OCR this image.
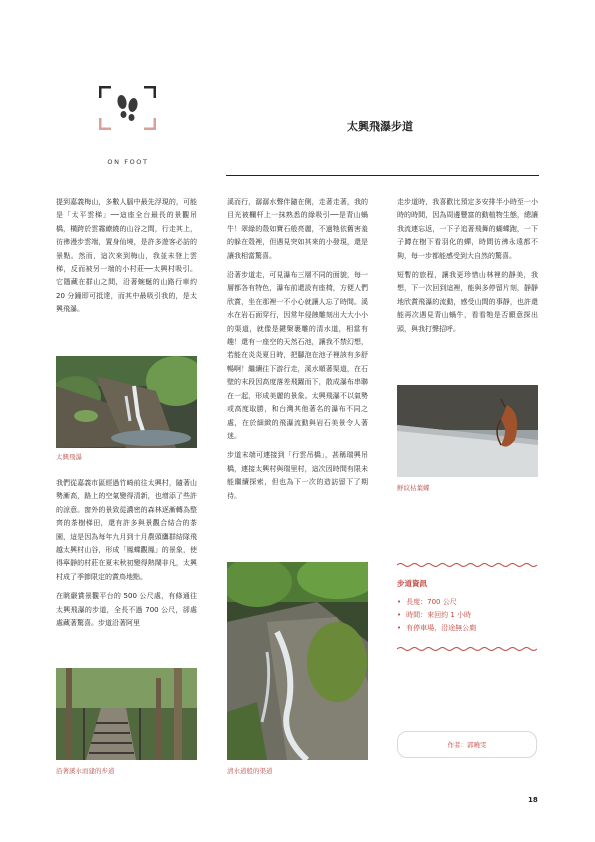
ON FOOT
太興飛瀑步道

提到嘉義梅山，多數人腦中最先浮現的，可能是「太平雲梯」──這座全台最長的景觀吊橋，橫跨於雲霧繚繞的山谷之間，行走其上，彷彿漫步雲端，置身仙境，是許多遊客必訪的景點。然而，這次來到梅山，我並未登上雲梯，反而被另一端的小村莊──太興村吸引。它隱藏在群山之間，沿著蜿蜒的山路行車約 20 分鐘即可抵達，而其中最吸引我的，是太興飛瀑。

太興飛瀑

我們從嘉義市區經過竹崎前往太興村，隨著山勢漸高，路上的空氣變得清新，也增添了些許的涼意。窗外的景致從濃密的森林逐漸轉為整齊的茶樹梯田，還有許多與景觀合結合的茶園，這是因為每年九月到十月農頭鷹群結隊飛越太興村山谷，形成「鳳蝶觀鳳」的景象，使得寧靜的村莊在夏末秋初變得熱鬧非凡，太興村成了季節限定的賞鳥地點。

在眺嚴賞景觀平台的 500 公尺處，有條通往太興飛瀑的步道，全長不過 700 公尺，卻處處藏著驚喜。步道沿著阿里

沿著溪水而建的步道

溪而行，潺潺水聲伴隨在側，走著走著，我的目光被欄杆上一抹熟悉的綠吸引──是青山蝸牛！翠綠的殼如寶石般亮麗，不過牠依舊害羞的躲在殼裡，但遇見突如其來的小發現，還是讓我相當驚喜。

沿著步道走，可見瀑布三層不同的面貌，每一層都各有特色，瀑布前還設有座椅，方便人們欣賞，坐在那裡一不小心就讓人忘了時間。溪水在岩石面穿行，因常年侵蝕雕刻出大大小小的渠道，就像是鍵槃裹雕的清水道，相當有趣！還有一座空的天然石池，讓我不禁幻想，若能在炎炎夏日時，把腳泡在池子裡該有多舒暢啊！繼續往下游行走，溪水順著渠道，在石壁的末段因高度落差飛躍而下，散成瀑布串聯在一起，形成美麗的景象。太興飛瀑不以氣勢或高度取勝，和台灣其他著名的瀑布不同之處，在於細緻的飛瀑流動與岩石美景令人著迷。

步道末端可連接到「行雲吊橋」，甚稱瑞興吊橋，連接太興村與瑞里村，這次因時間有限未能繼續探索，但也為下一次的造訪留下了期待。

清水道般的渠道

走步道時，我喜歡比預定多安排半小時至一小時的時間，因為周邊豐富的動植物生態，總讓我流連忘返，一下子追著飛舞的蝴蝶跑，一下子蹲在樹下看羽化的蟬，時間彷彿永遠都不夠，每一步都能感受到大自然的驚喜。

短暫的旅程，讓我更珍惜山林裡的靜美，我想，下一次回到這裡，能與多停留片刻，靜靜地欣賞飛瀑的流動，感受山間的事靜，也許還能再次遇見青山蝸牛，看看牠是否願意探出頭，與我打聲招呼。

鮮紋枯葉蝶
步道資訊
• 長度：700 公尺
• 時間：來回約 1 小時
• 有停車場，沿途無公廁
作者：郭曉雯
18
